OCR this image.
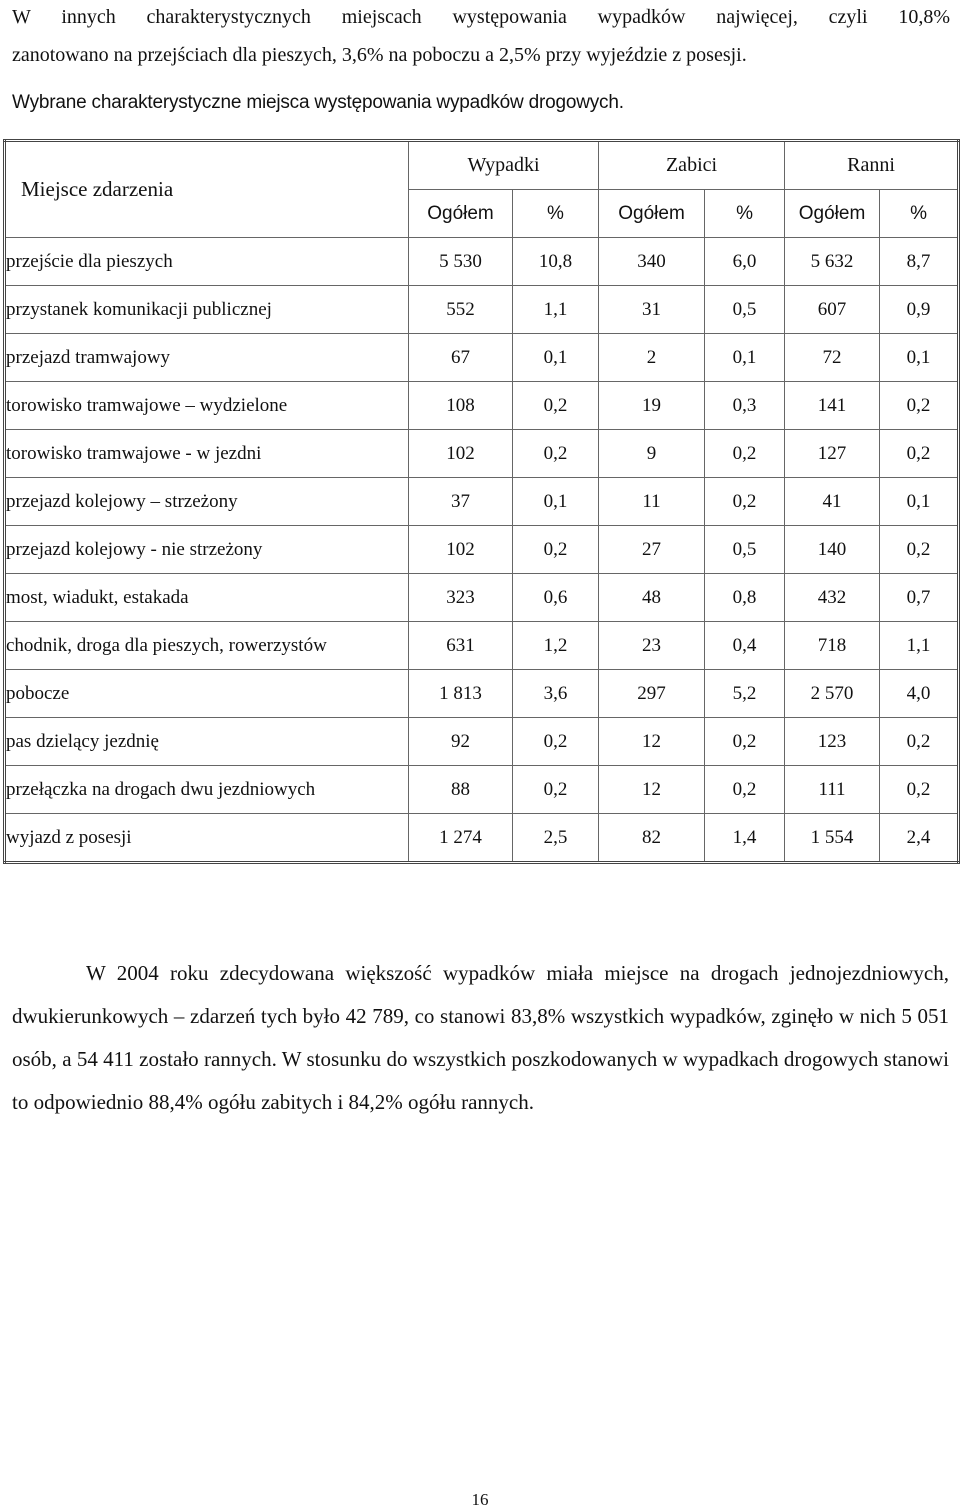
W innych charakterystycznych miejscach występowania wypadków najwięcej, czyli 10,8%
zanotowano na przejściach dla pieszych, 3,6% na poboczu a 2,5% przy wyjeździe z posesji.
Wybrane charakterystyczne miejsca występowania wypadków drogowych.
Miejsce zdarzenia	Wypadki		Zabici		Ranni	
	Ogółem	%	Ogółem	%	Ogółem	%
przejście dla pieszych	5 530	10,8	340	6,0	5 632	8,7
przystanek komunikacji publicznej	552	1,1	31	0,5	607	0,9
przejazd tramwajowy	67	0,1	2	0,1	72	0,1
torowisko tramwajowe – wydzielone	108	0,2	19	0,3	141	0,2
torowisko tramwajowe - w jezdni	102	0,2	9	0,2	127	0,2
przejazd kolejowy – strzeżony	37	0,1	11	0,2	41	0,1
przejazd kolejowy - nie strzeżony	102	0,2	27	0,5	140	0,2
most, wiadukt, estakada	323	0,6	48	0,8	432	0,7
chodnik, droga dla pieszych, rowerzystów	631	1,2	23	0,4	718	1,1
pobocze	1 813	3,6	297	5,2	2 570	4,0
pas dzielący jezdnię	92	0,2	12	0,2	123	0,2
przełączka na drogach dwu jezdniowych	88	0,2	12	0,2	111	0,2
wyjazd z posesji	1 274	2,5	82	1,4	1 554	2,4
W 2004 roku zdecydowana większość wypadków miała miejsce na drogach jednojezdniowych, dwukierunkowych – zdarzeń tych było 42 789, co stanowi 83,8% wszystkich wypadków, zginęło w nich 5 051 osób, a 54 411 zostało rannych. W stosunku do wszystkich poszkodowanych w wypadkach drogowych stanowi to odpowiednio 88,4% ogółu zabitych i 84,2% ogółu rannych.
16
